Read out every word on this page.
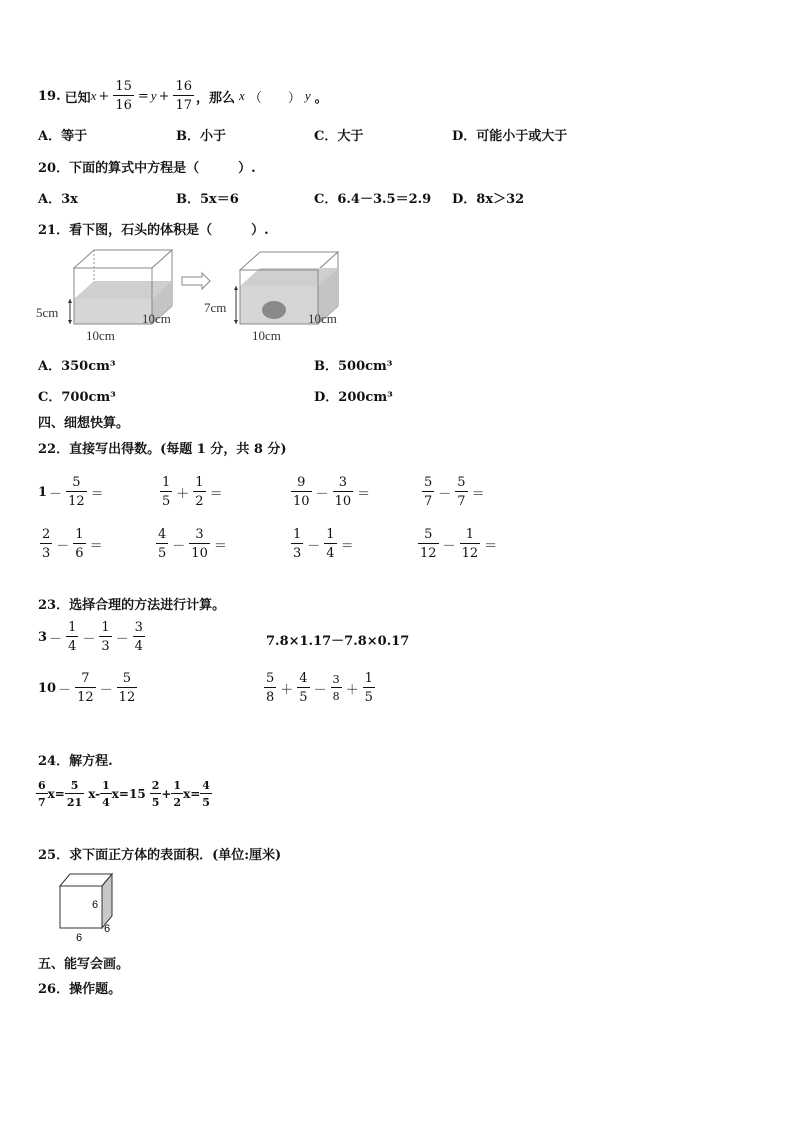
19. 已知 $x + \frac{15}{16} = y + \frac{16}{17}$ ，那么 x （　　） y 。
A．等于	B．小于	C．大于	D．可能小于或大于
20．下面的算式中方程是（　　　）.
A．3x	B．5x＝6	C．6.4－3.5＝2.9 D．8x＞32
21．看下图，石头的体积是（　　　）.
5cm
10cm
10cm
7cm
10cm
10cm
A．350cm³	B．500cm³
C．700cm³	D．200cm³
四、细想快算。
22．直接写出得数。(每题 1 分，共 8 分)
$1 - \frac{5}{12}$ ＝	$\frac{1}{5} + \frac{1}{2}$ ＝	$\frac{9}{10} - \frac{3}{10}$ ＝	$\frac{5}{7} - \frac{5}{7}$ ＝
$\frac{2}{3} - \frac{1}{6}$ ＝	$\frac{4}{5} - \frac{3}{10}$ ＝	$\frac{1}{3} - \frac{1}{4}$ ＝	$\frac{5}{12} - \frac{1}{12}$ ＝
23．选择合理的方法进行计算。
$3 - \frac{1}{4} - \frac{1}{3} - \frac{3}{4}$	7.8×1.17－7.8×0.17
$10 - \frac{7}{12} - \frac{5}{12}$	$\frac{5}{8} + \frac{4}{5} - \frac{3}{8} + \frac{1}{5}$
24．解方程.
$\frac{6}{7} x= \frac{5}{21} x- \frac{1}{4} x=15 \frac{2}{5} + \frac{1}{2} x= \frac{4}{5}$
25．求下面正方体的表面积．(单位:厘米)
6
6
6
五、能写会画。
26．操作题。
